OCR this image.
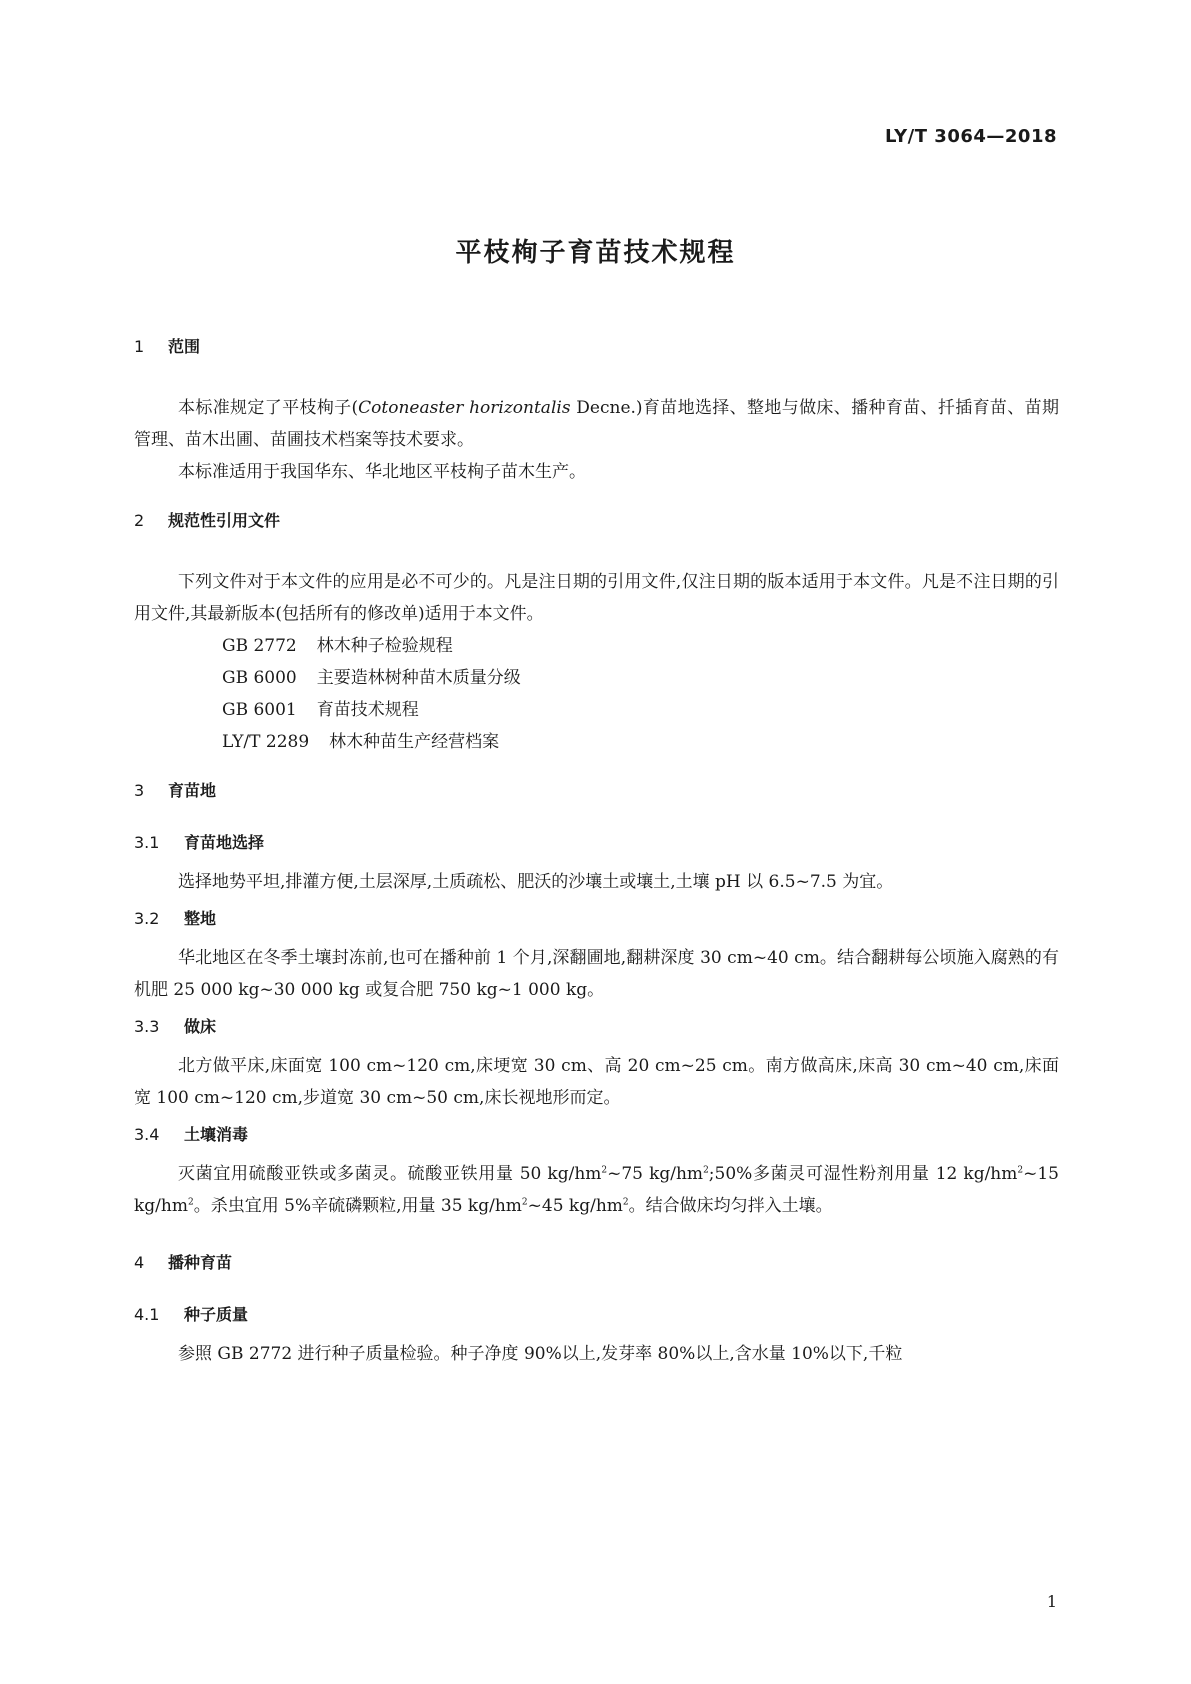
LY/T 3064—2018
平枝栒子育苗技术规程
1 范围

本标准规定了平枝栒子(Cotoneaster horizontalis Decne.)育苗地选择、整地与做床、播种育苗、扦插育苗、苗期管理、苗木出圃、苗圃技术档案等技术要求。

本标准适用于我国华东、华北地区平枝栒子苗木生产。

2 规范性引用文件

下列文件对于本文件的应用是必不可少的。凡是注日期的引用文件,仅注日期的版本适用于本文件。凡是不注日期的引用文件,其最新版本(包括所有的修改单)适用于本文件。

GB 2772 林木种子检验规程

GB 6000 主要造林树种苗木质量分级

GB 6001 育苗技术规程

LY/T 2289 林木种苗生产经营档案

3 育苗地
3.1 育苗地选择

选择地势平坦,排灌方便,土层深厚,土质疏松、肥沃的沙壤土或壤土,土壤 pH 以 6.5~7.5 为宜。

3.2 整地

华北地区在冬季土壤封冻前,也可在播种前 1 个月,深翻圃地,翻耕深度 30 cm~40 cm。结合翻耕每公顷施入腐熟的有机肥 25 000 kg~30 000 kg 或复合肥 750 kg~1 000 kg。

3.3 做床

北方做平床,床面宽 100 cm~120 cm,床埂宽 30 cm、高 20 cm~25 cm。南方做高床,床高 30 cm~40 cm,床面宽 100 cm~120 cm,步道宽 30 cm~50 cm,床长视地形而定。

3.4 土壤消毒

灭菌宜用硫酸亚铁或多菌灵。硫酸亚铁用量 50 $kg/hm^2\sim 75$ $kg/hm^2;50\%$多菌灵可湿性粉剂用量 12 $kg/hm^2\sim 15$ $kg/hm^2$。杀虫宜用 5%辛硫磷颗粒,用量 35 $kg/hm^2\sim 45$ $kg/hm^2$。结合做床均匀拌入土壤。

4 播种育苗
4.1 种子质量

参照 GB 2772 进行种子质量检验。种子净度 90%以上,发芽率 80%以上,含水量 10%以下,千粒

1
